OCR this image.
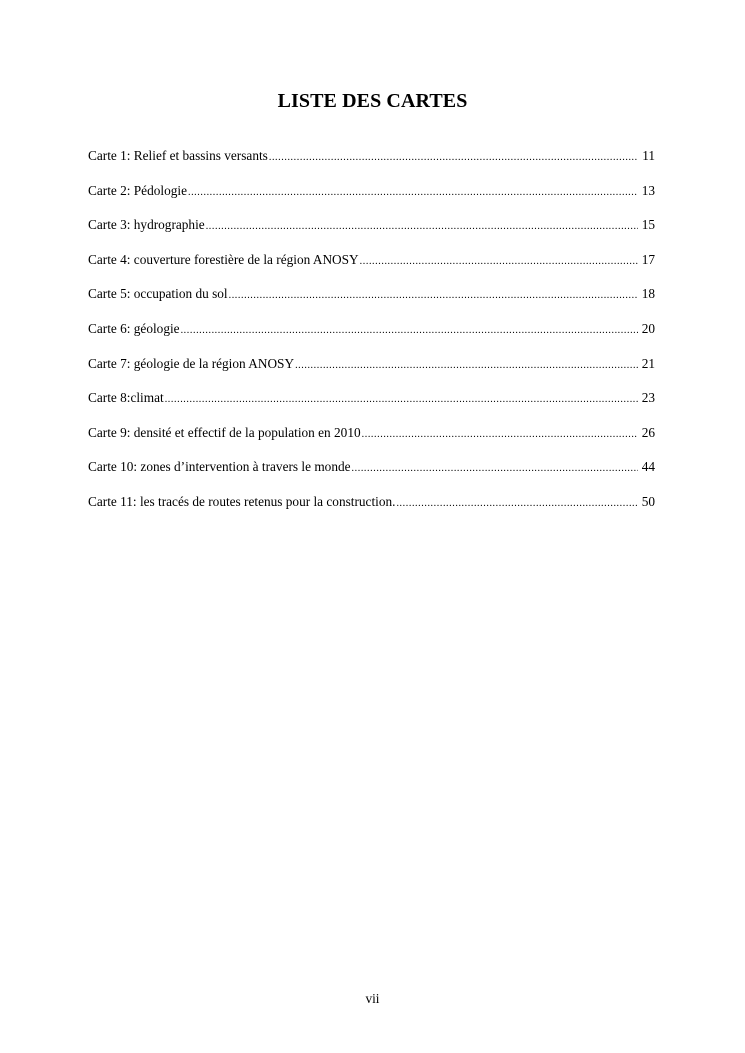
LISTE DES CARTES
Carte 1: Relief et bassins versants .....	11
Carte 2: Pédologie .....	13
Carte 3: hydrographie .....	15
Carte 4: couverture forestière de la région ANOSY .....	17
Carte 5: occupation du sol .....	18
Carte 6: géologie .....	20
Carte 7: géologie de la région ANOSY .....	21
Carte 8:climat .....	23
Carte 9: densité et effectif de la population en 2010 .....	26
Carte 10: zones d’intervention à travers le monde .....	44
Carte 11: les tracés de routes retenus pour la construction. .....	50
vii
